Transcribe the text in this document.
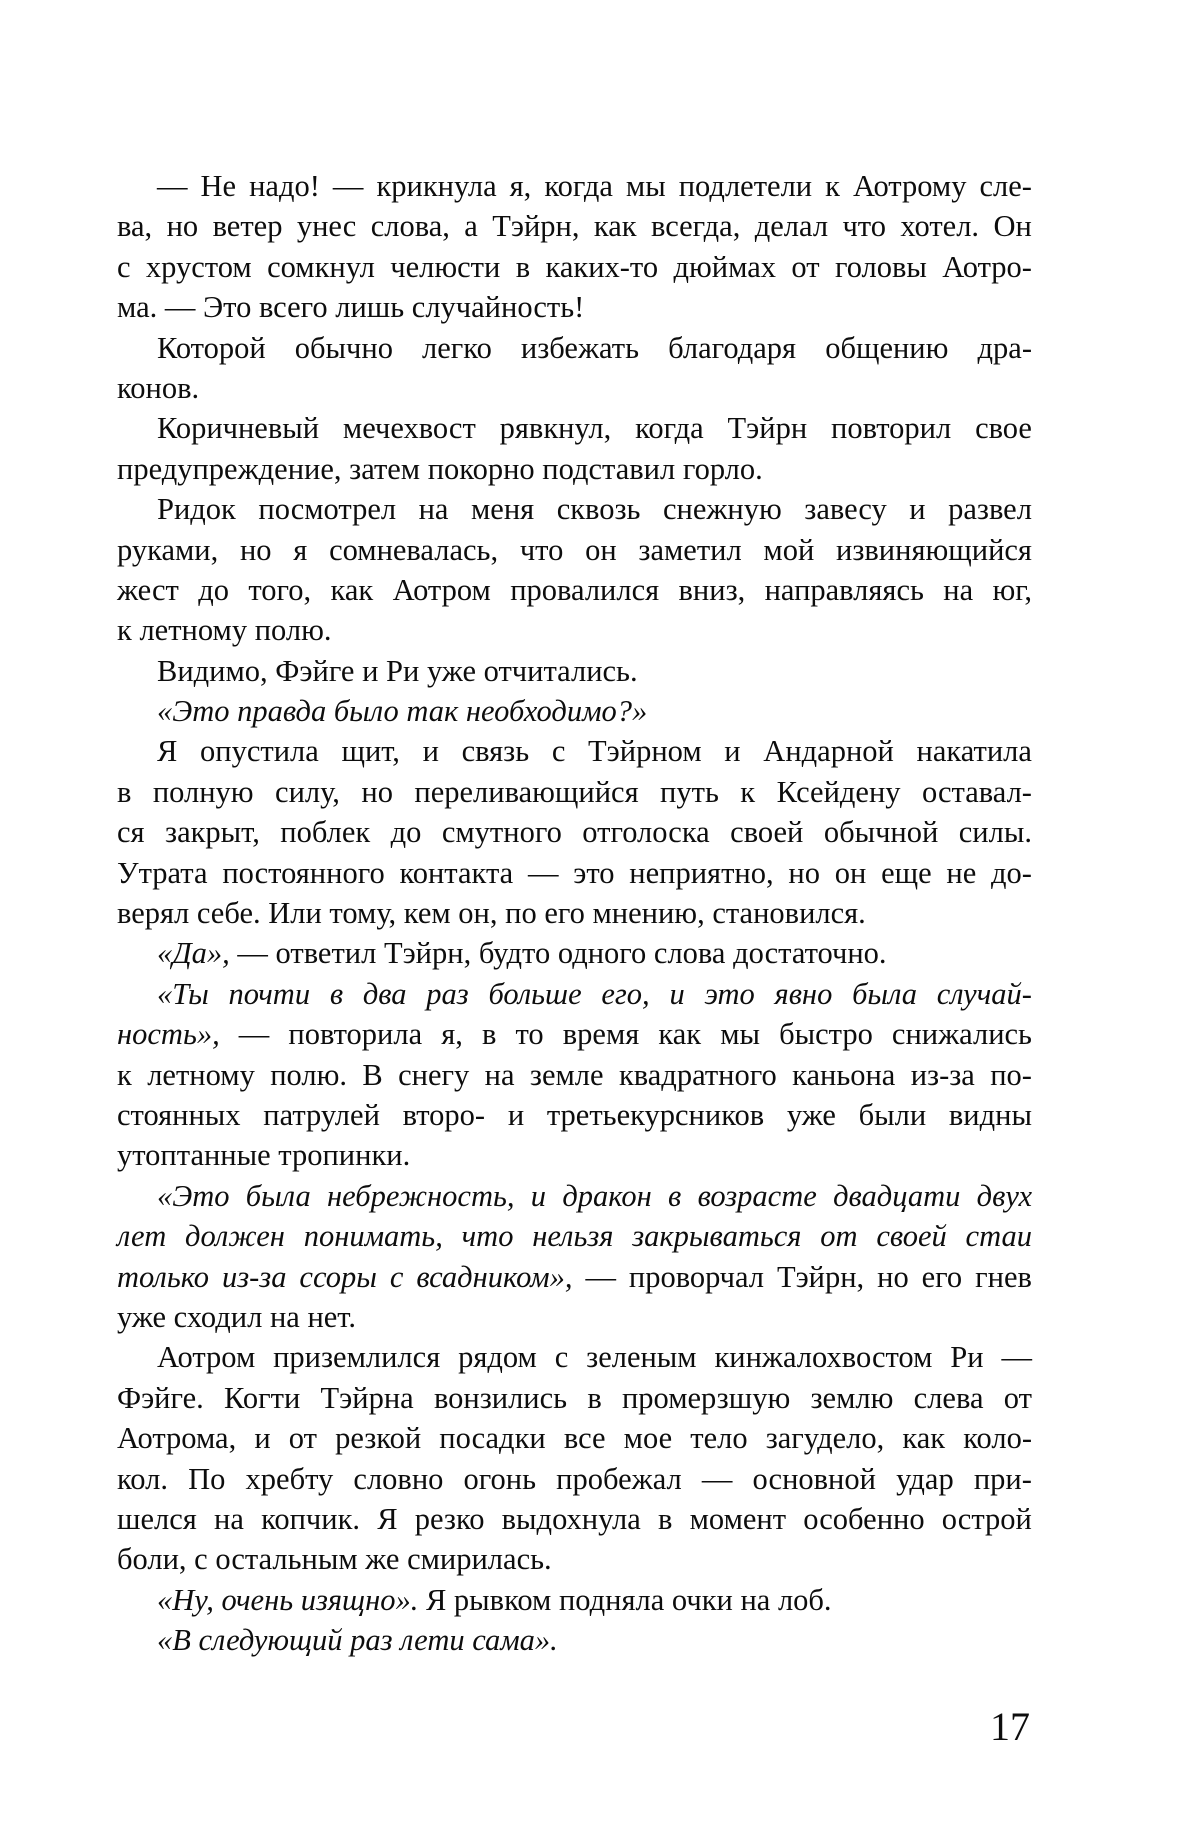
— Не надо! — крикнула я, когда мы подлетели к Аотрому сле-
ва, но ветер унес слова, а Тэйрн, как всегда, делал что хотел. Он
с хрустом сомкнул челюсти в каких-то дюймах от головы Аотро-
ма. — Это всего лишь случайность!
Которой обычно легко избежать благодаря общению дра-
конов.
Коричневый мечехвост рявкнул, когда Тэйрн повторил свое
предупреждение, затем покорно подставил горло.
Ридок посмотрел на меня сквозь снежную завесу и развел
руками, но я сомневалась, что он заметил мой извиняющийся
жест до того, как Аотром провалился вниз, направляясь на юг,
к летному полю.
Видимо, Фэйге и Ри уже отчитались.
«Это правда было так необходимо?»
Я опустила щит, и связь с Тэйрном и Андарной накатила
в полную силу, но переливающийся путь к Ксейдену оставал-
ся закрыт, поблек до смутного отголоска своей обычной силы.
Утрата постоянного контакта — это неприятно, но он еще не до-
верял себе. Или тому, кем он, по его мнению, становился.
«Да», — ответил Тэйрн, будто одного слова достаточно.
«Ты почти в два раз больше его, и это явно была случай-
ность», — повторила я, в то время как мы быстро снижались
к летному полю. В снегу на земле квадратного каньона из-за по-
стоянных патрулей второ- и третьекурсников уже были видны
утоптанные тропинки.
«Это была небрежность, и дракон в возрасте двадцати двух
лет должен понимать, что нельзя закрываться от своей стаи
только из-за ссоры с всадником», — проворчал Тэйрн, но его гнев
уже сходил на нет.
Аотром приземлился рядом с зеленым кинжалохвостом Ри —
Фэйге. Когти Тэйрна вонзились в промерзшую землю слева от
Аотрома, и от резкой посадки все мое тело загудело, как коло-
кол. По хребту словно огонь пробежал — основной удар при-
шелся на копчик. Я резко выдохнула в момент особенно острой
боли, с остальным же смирилась.
«Ну, очень изящно». Я рывком подняла очки на лоб.
«В следующий раз лети сама».
17
